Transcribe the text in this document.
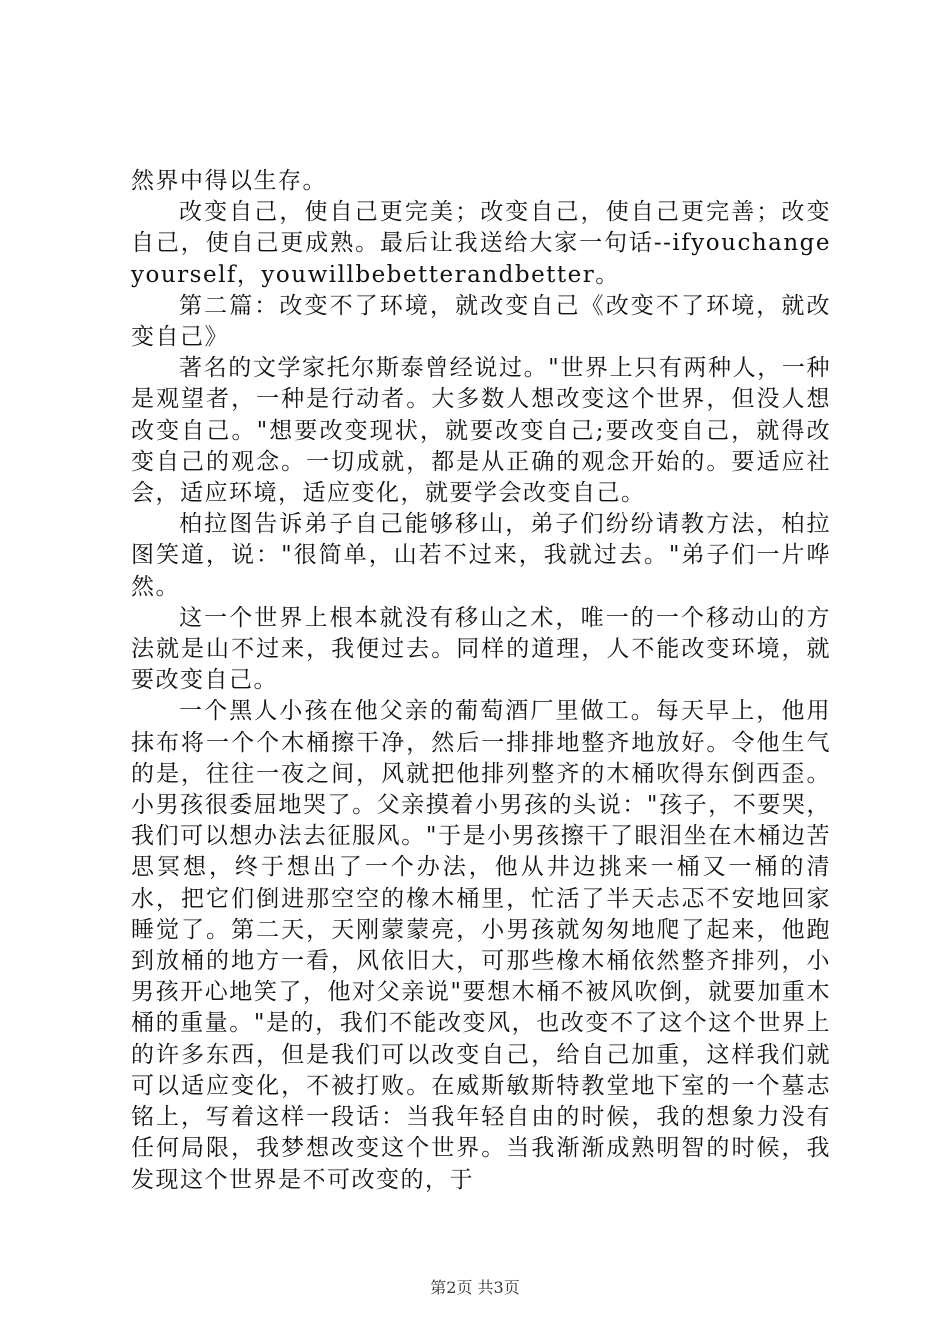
然界中得以生存。

改变自己，使自己更完美；改变自己，使自己更完善；改变自己，使自己更成熟。最后让我送给大家一句话--ifyouchangeyourself，youwillbebetterandbetter。

第二篇：改变不了环境，就改变自己《改变不了环境，就改变自己》

著名的文学家托尔斯泰曾经说过。"世界上只有两种人，一种是观望者，一种是行动者。大多数人想改变这个世界，但没人想改变自己。"想要改变现状，就要改变自己;要改变自己，就得改变自己的观念。一切成就，都是从正确的观念开始的。要适应社会，适应环境，适应变化，就要学会改变自己。

柏拉图告诉弟子自己能够移山，弟子们纷纷请教方法，柏拉图笑道，说："很简单，山若不过来，我就过去。"弟子们一片哗然。

这一个世界上根本就没有移山之术，唯一的一个移动山的方法就是山不过来，我便过去。同样的道理，人不能改变环境，就要改变自己。

一个黑人小孩在他父亲的葡萄酒厂里做工。每天早上，他用抹布将一个个木桶擦干净，然后一排排地整齐地放好。令他生气的是，往往一夜之间，风就把他排列整齐的木桶吹得东倒西歪。小男孩很委屈地哭了。父亲摸着小男孩的头说："孩子，不要哭，我们可以想办法去征服风。"于是小男孩擦干了眼泪坐在木桶边苦思冥想，终于想出了一个办法，他从井边挑来一桶又一桶的清水，把它们倒进那空空的橡木桶里，忙活了半天忐忑不安地回家睡觉了。第二天，天刚蒙蒙亮，小男孩就匆匆地爬了起来，他跑到放桶的地方一看，风依旧大，可那些橡木桶依然整齐排列，小男孩开心地笑了，他对父亲说"要想木桶不被风吹倒，就要加重木桶的重量。"是的，我们不能改变风，也改变不了这个这个世界上的许多东西，但是我们可以改变自己，给自己加重，这样我们就可以适应变化，不被打败。在威斯敏斯特教堂地下室的一个墓志铭上，写着这样一段话：当我年轻自由的时候，我的想象力没有任何局限，我梦想改变这个世界。当我渐渐成熟明智的时候，我发现这个世界是不可改变的，于

第2页 共3页
